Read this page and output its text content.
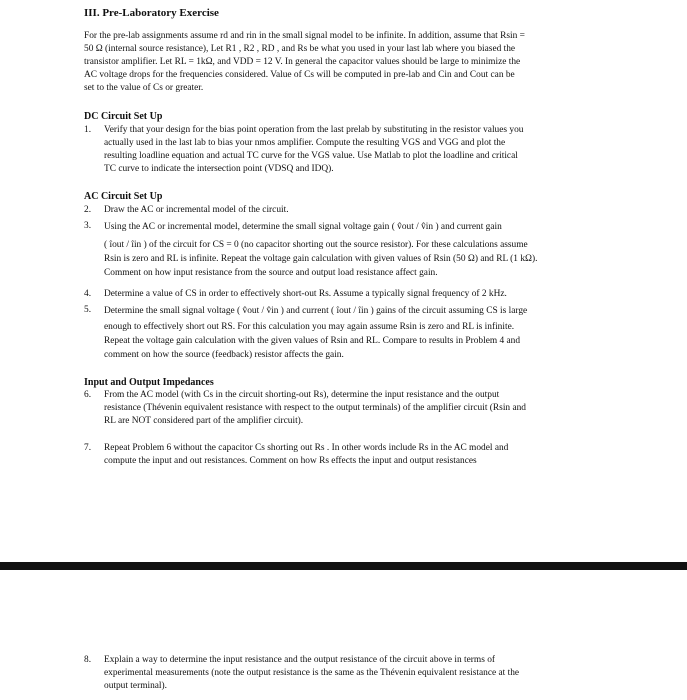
III. Pre-Laboratory Exercise
For the pre-lab assignments assume rd and rin in the small signal model to be infinite. In addition, assume that Rsin =
50 Ω (internal source resistance), Let R1 , R2 , RD , and Rs be what you used in your last lab where you biased the
transistor amplifier. Let RL = 1kΩ, and VDD = 12 V. In general the capacitor values should be large to minimize the
AC voltage drops for the frequencies considered. Value of Cs will be computed in pre-lab and Cin and Cout can be
set to the value of Cs or greater.
DC Circuit Set Up
1.	Verify that your design for the bias point operation from the last prelab by substituting in the resistor values you
actually used in the last lab to bias your nmos amplifier. Compute the resulting VGS and VGG and plot the
resulting loadline equation and actual TC curve for the VGS value. Use Matlab to plot the loadline and critical
TC curve to indicate the intersection point (VDSQ and IDQ).
AC Circuit Set Up
2.	Draw the AC or incremental model of the circuit.
3.	Using the AC or incremental model, determine the small signal voltage gain ( v̂out / v̂in ) and current gain
( îout / îin ) of the circuit for CS = 0 (no capacitor shorting out the source resistor). For these calculations assume
Rsin is zero and RL is infinite. Repeat the voltage gain calculation with given values of Rsin (50 Ω) and RL (1 kΩ).
Comment on how input resistance from the source and output load resistance affect gain.
4.	Determine a value of CS in order to effectively short-out Rs. Assume a typically signal frequency of 2 kHz.
5.	Determine the small signal voltage ( v̂out / v̂in ) and current ( îout / îin ) gains of the circuit assuming CS is large
enough to effectively short out RS. For this calculation you may again assume Rsin is zero and RL is infinite.
Repeat the voltage gain calculation with the given values of Rsin and RL. Compare to results in Problem 4 and
comment on how the source (feedback) resistor affects the gain.
Input and Output Impedances
6.	From the AC model (with Cs in the circuit shorting-out Rs), determine the input resistance and the output
resistance (Thévenin equivalent resistance with respect to the output terminals) of the amplifier circuit (Rsin and
RL are NOT considered part of the amplifier circuit).
7.	Repeat Problem 6 without the capacitor Cs shorting out Rs . In other words include Rs in the AC model and
compute the input and out resistances. Comment on how Rs effects the input and output resistances
8.	Explain a way to determine the input resistance and the output resistance of the circuit above in terms of
experimental measurements (note the output resistance is the same as the Thévenin equivalent resistance at the
output terminal).
